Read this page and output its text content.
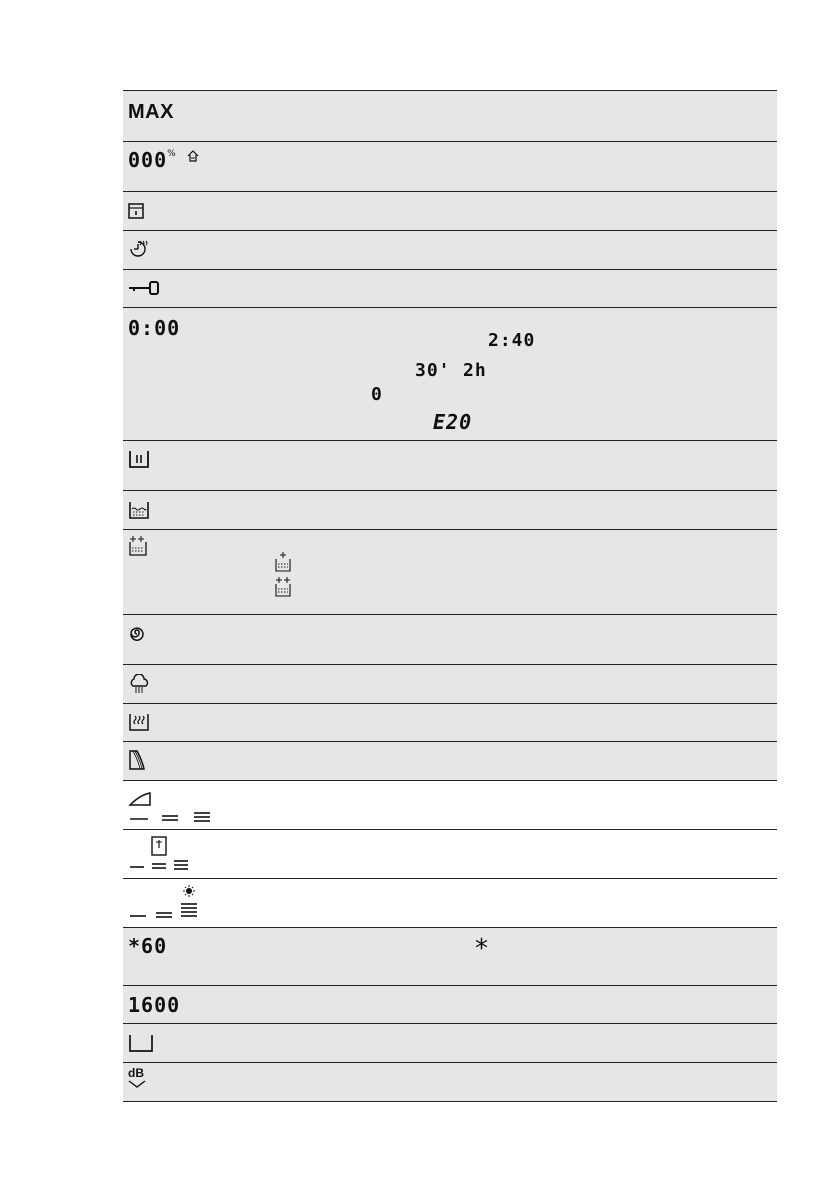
MAX
000%
0:00
2:40
30' 2h
0
E20
*60	*
1600
dB
